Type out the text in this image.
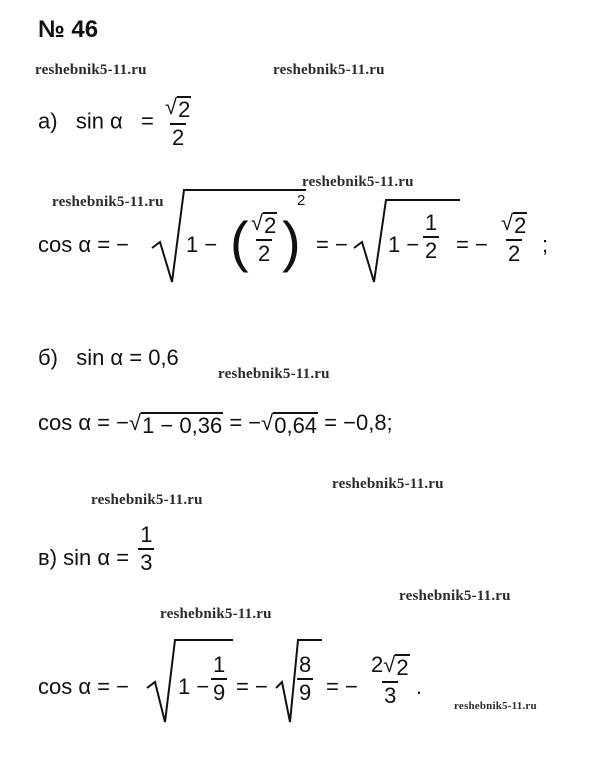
№ 46
reshebnik5-11.ru	reshebnik5-11.ru
reshebnik5-11.ru
reshebnik5-11.ru
reshebnik5-11.ru
reshebnik5-11.ru
reshebnik5-11.ru
reshebnik5-11.ru
reshebnik5-11.ru
reshebnik5-11.ru
а) $\sin \alpha = \frac{√ 2}{2}$
cos α = −	1 − ( $\frac{√ 2}{2}$ )
2
= − $1 - \frac{1}{2}$ = − $\frac{√ 2}{2}$ ;
б) sin α = 0,6
cos α = − √ 1 − 0,36 = − √ 0,64 = −0,8;
в) $\sin \alpha = \frac{1}{3}$
cos α = − $1 - \frac{1}{9}$ = − $\frac{8}{9}$ = − $\frac{2 √ 2}{3}$ .
